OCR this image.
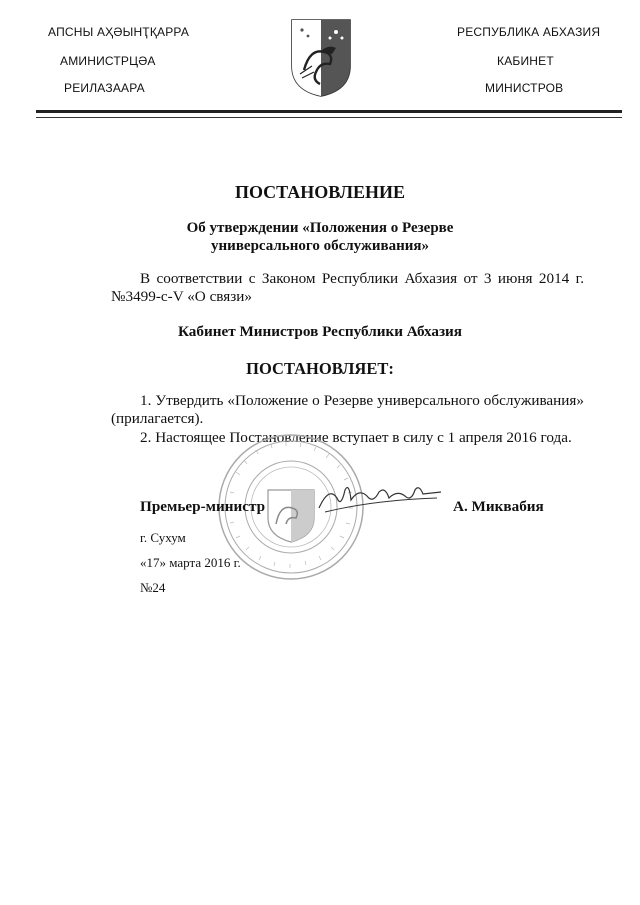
АПСНЫ АҲӘЫНҬҚАРРА
АМИНИСТРЦӘА
РЕИЛАЗААРА
РЕСПУБЛИКА АБХАЗИЯ
КАБИНЕТ
МИНИСТРОВ
ПОСТАНОВЛЕНИЕ
Об утверждении «Положения о Резерве
универсального обслуживания»
В соответствии с Законом Республики Абхазия от 3 июня 2014 г.
№3499-с-V «О связи»
Кабинет Министров Республики Абхазия
ПОСТАНОВЛЯЕТ:
1. Утвердить «Положение о Резерве универсального обслуживания»
(прилагается).
2. Настоящее Постановление вступает в силу с 1 апреля 2016 года.
Премьер-министр	А. Миквабия
г. Сухум
«17» марта 2016 г.
№24
